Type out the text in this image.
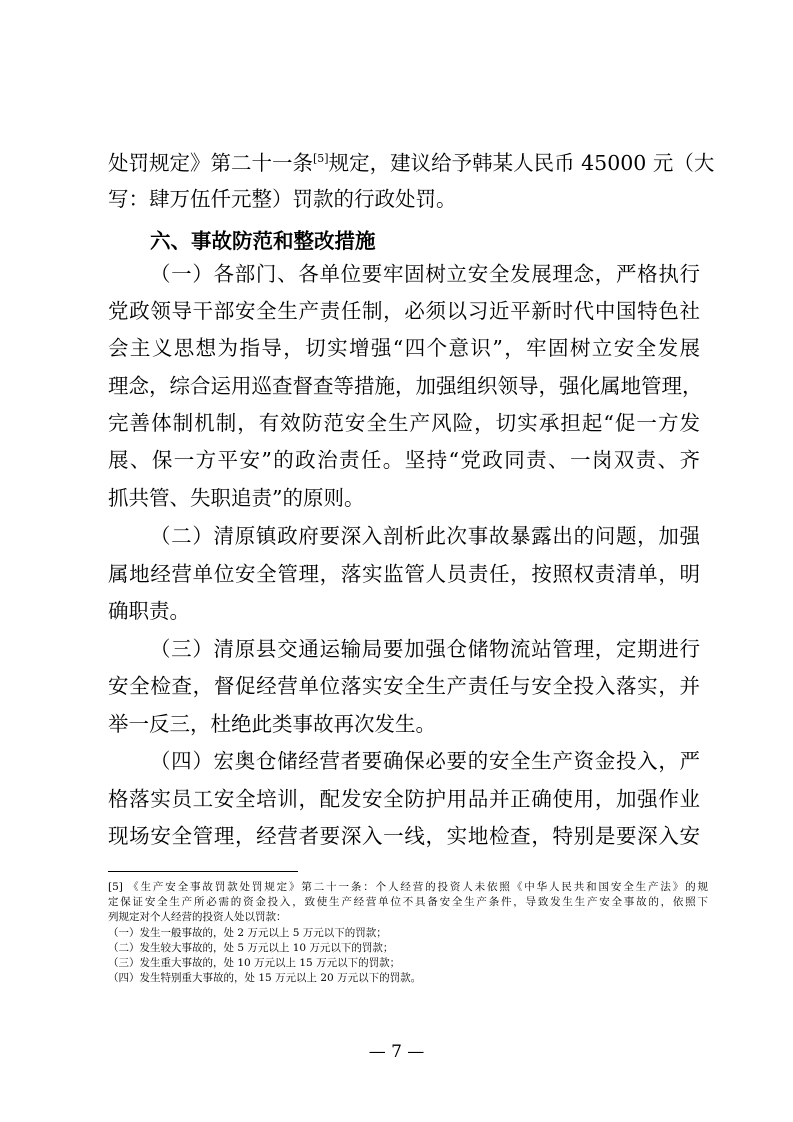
处罚规定》第二十一条[5]规定，建议给予韩某人民币 45000 元（大
写：肆万伍仟元整）罚款的行政处罚。
六、事故防范和整改措施
（一）各部门、各单位要牢固树立安全发展理念，严格执行
党政领导干部安全生产责任制，必须以习近平新时代中国特色社
会主义思想为指导，切实增强“四个意识”，牢固树立安全发展
理念，综合运用巡查督查等措施，加强组织领导，强化属地管理，
完善体制机制，有效防范安全生产风险，切实承担起“促一方发
展、保一方平安”的政治责任。坚持“党政同责、一岗双责、齐
抓共管、失职追责”的原则。
（二）清原镇政府要深入剖析此次事故暴露出的问题，加强
属地经营单位安全管理，落实监管人员责任，按照权责清单，明
确职责。
（三）清原县交通运输局要加强仓储物流站管理，定期进行
安全检查，督促经营单位落实安全生产责任与安全投入落实，并
举一反三，杜绝此类事故再次发生。
（四）宏奥仓储经营者要确保必要的安全生产资金投入，严
格落实员工安全培训，配发安全防护用品并正确使用，加强作业
现场安全管理，经营者要深入一线，实地检查，特别是要深入安
[5] 《生产安全事故罚款处罚规定》第二十一条：个人经营的投资人未依照《中华人民共和国安全生产法》的规
定保证安全生产所必需的资金投入，致使生产经营单位不具备安全生产条件，导致发生生产安全事故的，依照下
列规定对个人经营的投资人处以罚款：
（一）发生一般事故的，处 2 万元以上 5 万元以下的罚款；
（二）发生较大事故的，处 5 万元以上 10 万元以下的罚款；
（三）发生重大事故的，处 10 万元以上 15 万元以下的罚款；
（四）发生特别重大事故的，处 15 万元以上 20 万元以下的罚款。
— 7 —
